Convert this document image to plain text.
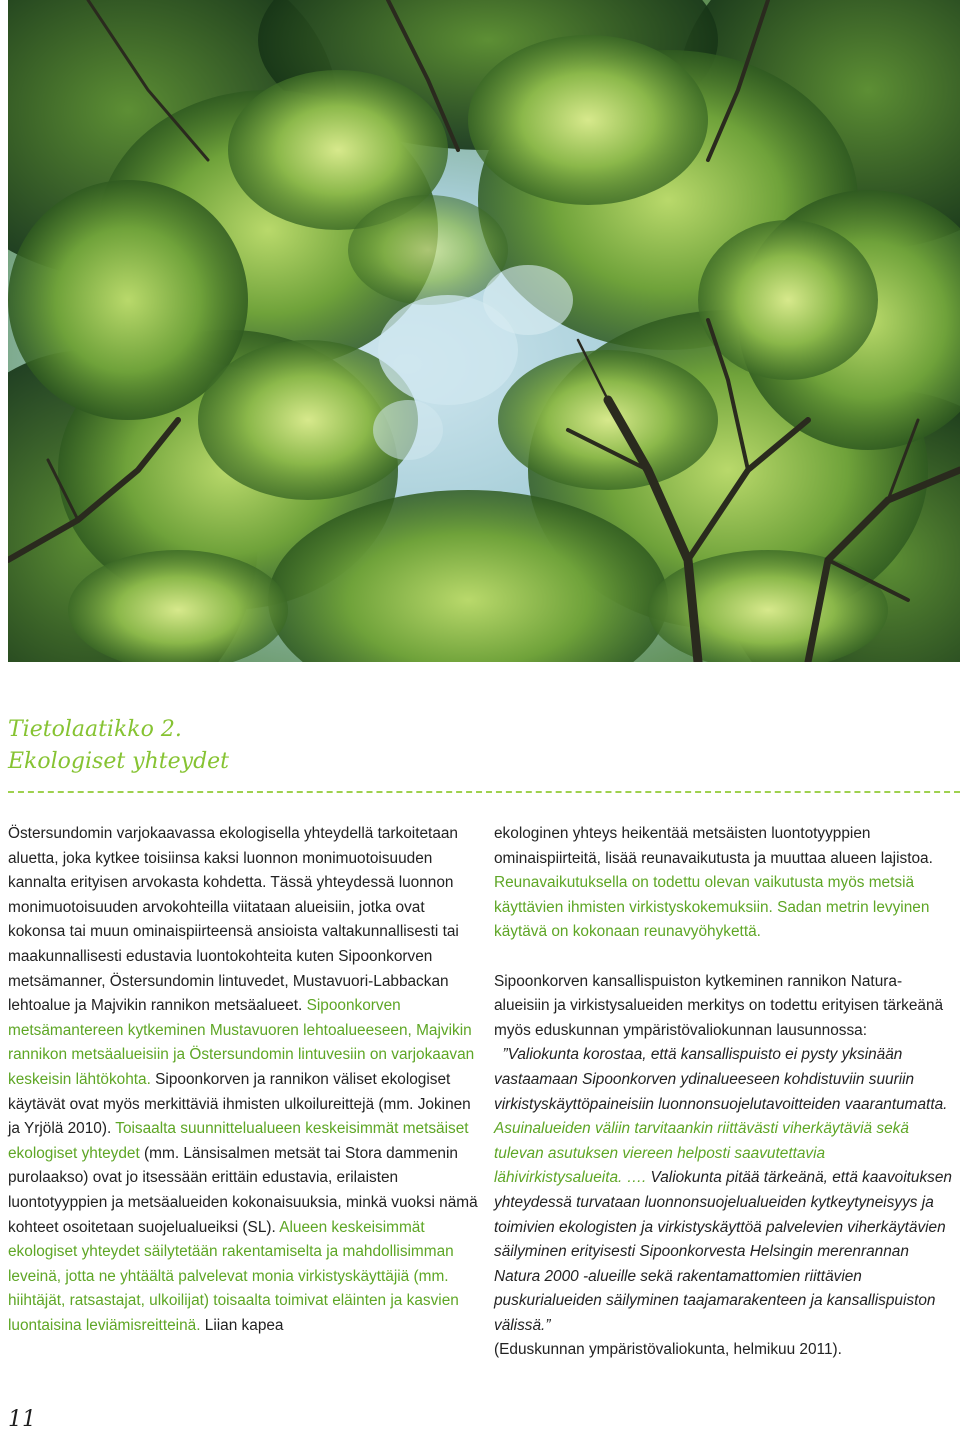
Tietolaatikko 2.
Ekologiset yhteydet

Östersundomin varjokaavassa ekologisella yhteydellä tarkoitetaan aluetta, joka kytkee toisiinsa kaksi luonnon monimuotoisuuden kannalta erityisen arvokasta kohdetta. Tässä yhteydessä luonnon monimuotoisuuden arvokohteilla viitataan alueisiin, jotka ovat kokonsa tai muun ominaispiirteensä ansioista valtakunnallisesti tai maakunnallisesti edustavia luontokohteita kuten Sipoonkorven metsämanner, Östersundomin lintuvedet, Mustavuori-Labbackan lehtoalue ja Majvikin rannikon metsäalueet. Sipoonkorven metsämantereen kytkeminen Mustavuoren lehtoalueeseen, Majvikin rannikon metsäalueisiin ja Östersundomin lintuvesiin on varjokaavan keskeisin lähtökohta. Sipoonkorven ja rannikon väliset ekologiset käytävät ovat myös merkittäviä ihmisten ulkoilureittejä (mm. Jokinen ja Yrjölä 2010). Toisaalta suunnittelualueen keskeisimmät metsäiset ekologiset yhteydet (mm. Länsisalmen metsät tai Stora dammenin purolaakso) ovat jo itsessään erittäin edustavia, erilaisten luontotyyppien ja metsäalueiden kokonaisuuksia, minkä vuoksi nämä kohteet osoitetaan suojelualueiksi (SL). Alueen keskeisimmät ekologiset yhteydet säilytetään rakentamiselta ja mahdollisimman leveinä, jotta ne yhtäältä palvelevat monia virkistyskäyttäjiä (mm. hiihtäjät, ratsastajat, ulkoilijat) toisaalta toimivat eläinten ja kasvien luontaisina leviämisreitteinä. Liian kapea

ekologinen yhteys heikentää metsäisten luontotyyppien ominaispiirteitä, lisää reunavaikutusta ja muuttaa alueen lajistoa. Reunavaikutuksella on todettu olevan vaikutusta myös metsiä käyttävien ihmisten virkistyskokemuksiin. Sadan metrin levyinen käytävä on kokonaan reunavyöhykettä.

Sipoonkorven kansallispuiston kytkeminen rannikon Natura-alueisiin ja virkistysalueiden merkitys on todettu erityisen tärkeänä myös eduskunnan ympäristövaliokunnan lausunnossa:

”Valiokunta korostaa, että kansallispuisto ei pysty yksinään vastaamaan Sipoonkorven ydinalueeseen kohdistuviin suuriin virkistyskäyttöpaineisiin luonnonsuojelutavoitteiden vaarantumatta. Asuinalueiden väliin tarvitaankin riittävästi viherkäytäviä sekä tulevan asutuksen viereen helposti saavutettavia lähivirkistysalueita. …. Valiokunta pitää tärkeänä, että kaavoituksen yhteydessä turvataan luonnonsuojelualueiden kytkeytyneisyys ja toimivien ekologisten ja virkistyskäyttöä palvelevien viherkäytävien säilyminen erityisesti Sipoonkorvesta Helsingin merenrannan Natura 2000 -alueille sekä rakentamattomien riittävien puskurialueiden säilyminen taajamarakenteen ja kansallispuiston välissä.”

(Eduskunnan ympäristövaliokunta, helmikuu 2011).

11
